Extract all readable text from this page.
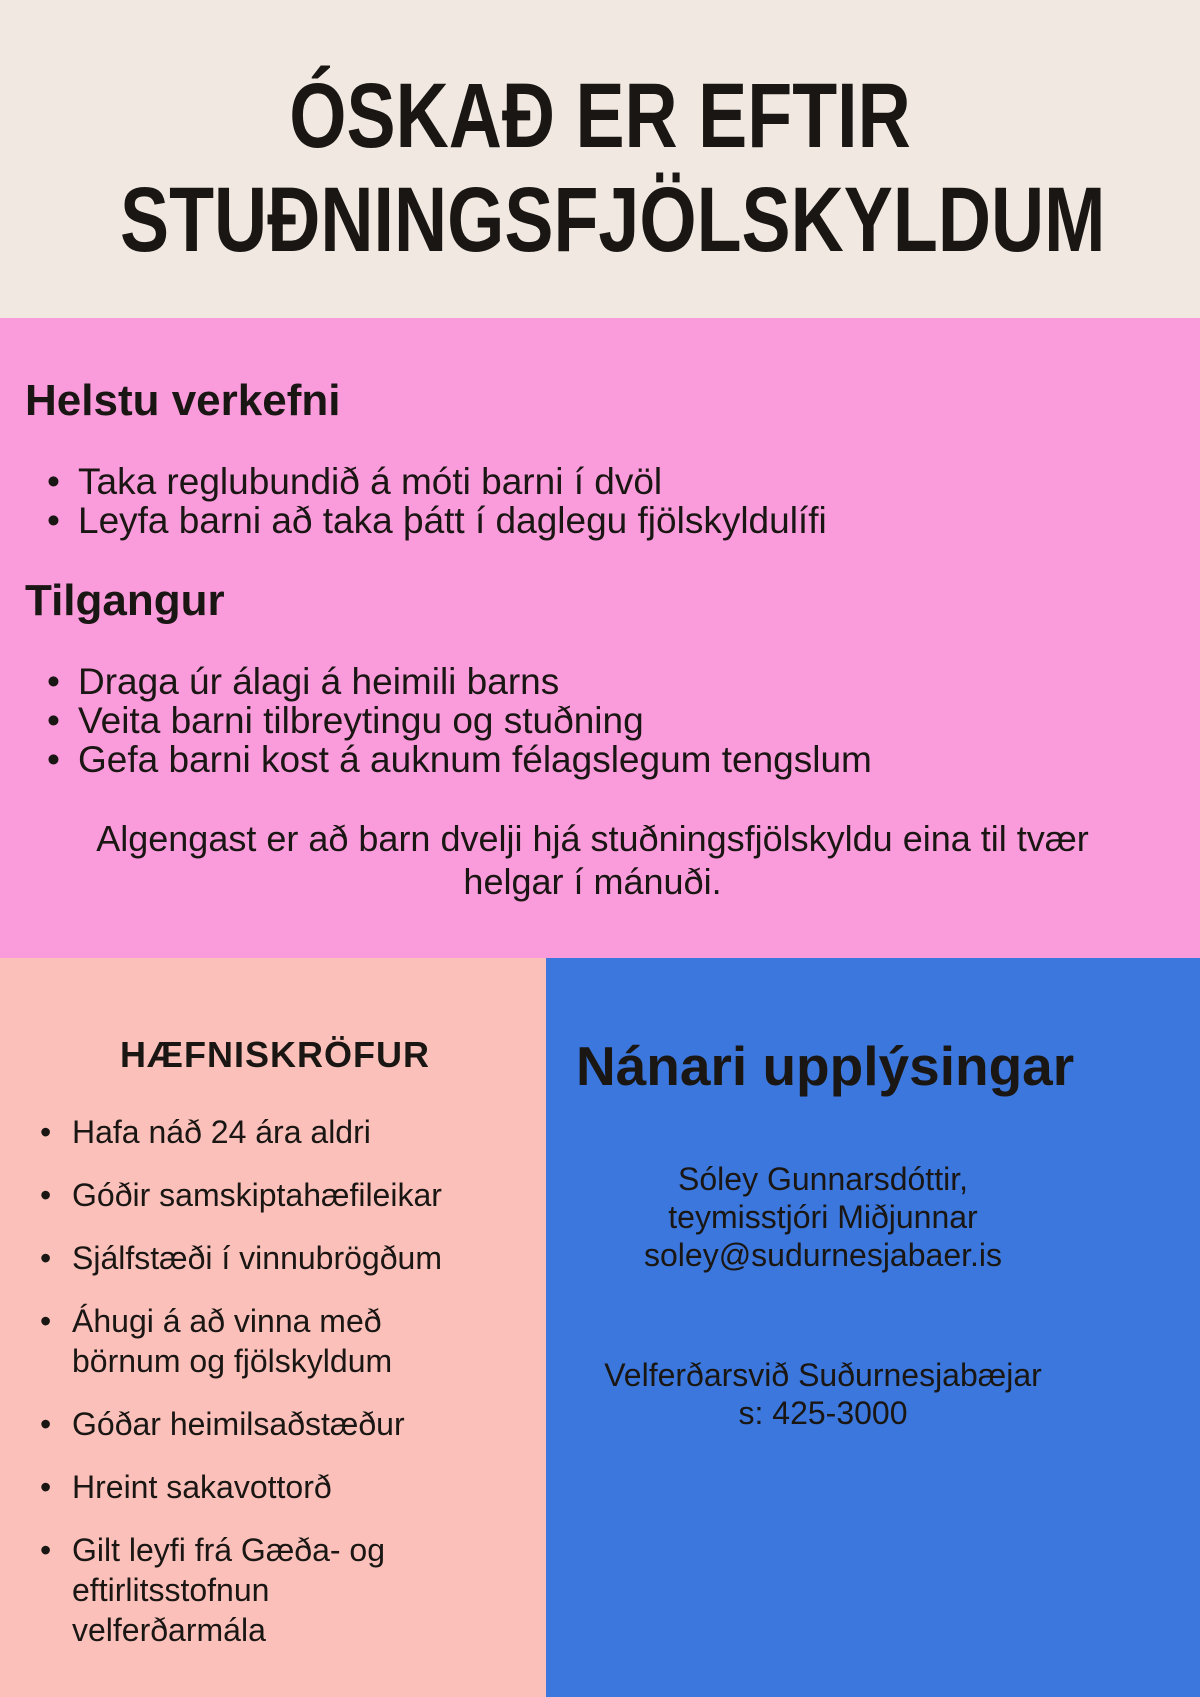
ÓSKAÐ ER EFTIR
STUÐNINGSFJÖLSKYLDUM
Helstu verkefni
• Taka reglubundið á móti barni í dvöl
• Leyfa barni að taka þátt í daglegu fjölskyldulífi
Tilgangur
• Draga úr álagi á heimili barns
• Veita barni tilbreytingu og stuðning
• Gefa barni kost á auknum félagslegum tengslum

Algengast er að barn dvelji hjá stuðningsfjölskyldu eina til tvær helgar í mánuði.

HÆFNISKRÖFUR
• Hafa náð 24 ára aldri
• Góðir samskiptahæfileikar
• Sjálfstæði í vinnubrögðum
• Áhugi á að vinna með börnum og fjölskyldum
• Góðar heimilsaðstæður
• Hreint sakavottorð
• Gilt leyfi frá Gæða- og eftirlitsstofnun velferðarmála
Nánari upplýsingar
Sóley Gunnarsdóttir,
teymisstjóri Miðjunnar
soley@sudurnesjabaer.is
Velferðarsvið Suðurnesjabæjar
s: 425-3000
